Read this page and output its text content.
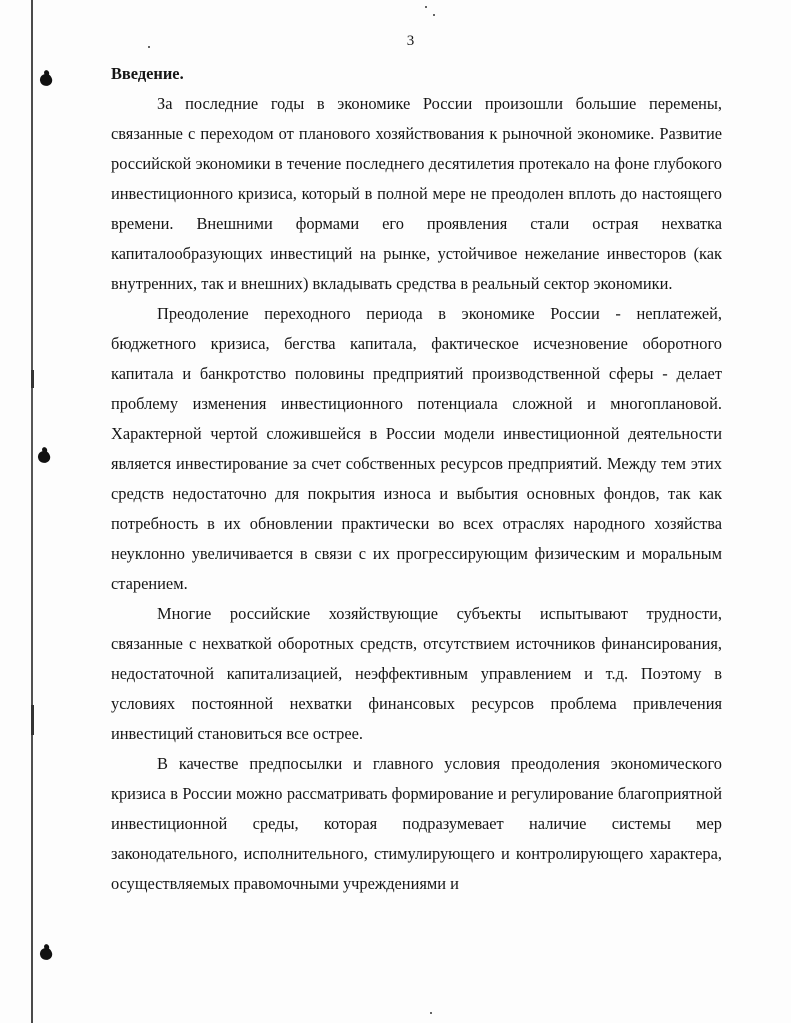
3

Введение.

За последние годы в экономике России произошли большие перемены, связанные с переходом от планового хозяйствования к рыночной экономике. Развитие российской экономики в течение последнего десятилетия протекало на фоне глубокого инвестиционного кризиса, который в полной мере не преодолен вплоть до настоящего времени. Внешними формами его проявления стали острая нехватка капиталообразующих инвестиций на рынке, устойчивое нежелание инвесторов (как внутренних, так и внешних) вкладывать средства в реальный сектор экономики.

Преодоление переходного периода в экономике России - неплатежей, бюджетного кризиса, бегства капитала, фактическое исчезновение оборотного капитала и банкротство половины предприятий производственной сферы - делает проблему изменения инвестиционного потенциала сложной и многоплановой. Характерной чертой сложившейся в России модели инвестиционной деятельности является инвестирование за счет собственных ресурсов предприятий. Между тем этих средств недостаточно для покрытия износа и выбытия основных фондов, так как потребность в их обновлении практически во всех отраслях народного хозяйства неуклонно увеличивается в связи с их прогрессирующим физическим и моральным старением.

Многие российские хозяйствующие субъекты испытывают трудности, связанные с нехваткой оборотных средств, отсутствием источников финансирования, недостаточной капитализацией, неэффективным управлением и т.д. Поэтому в условиях постоянной нехватки финансовых ресурсов проблема привлечения инвестиций становиться все острее.

В качестве предпосылки и главного условия преодоления экономического кризиса в России можно рассматривать формирование и регулирование благоприятной инвестиционной среды, которая подразумевает наличие системы мер законодательного, исполнительного, стимулирующего и контролирующего характера, осуществляемых правомочными учреждениями и
